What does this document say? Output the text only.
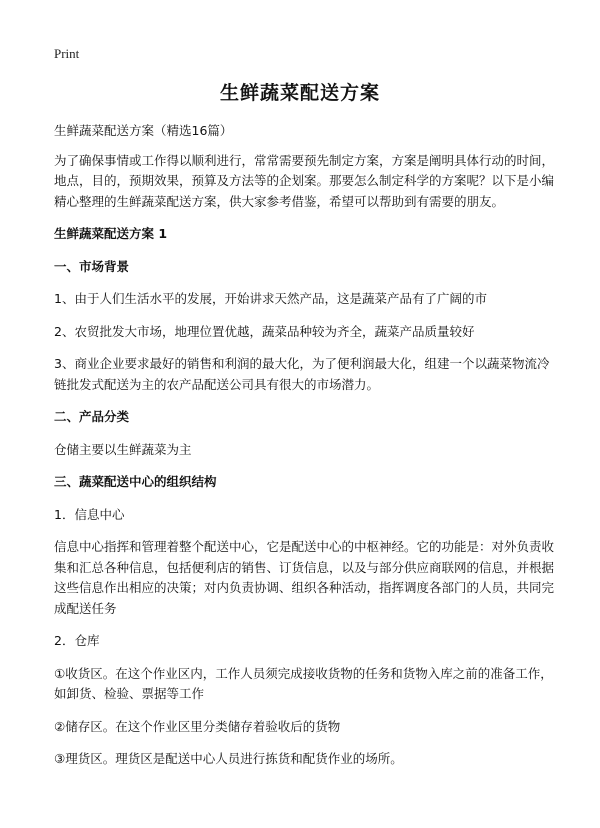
Print
生鲜蔬菜配送方案

生鲜蔬菜配送方案（精选16篇）

为了确保事情或工作得以顺利进行，常常需要预先制定方案，方案是阐明具体行动的时间，地点，目的，预期效果，预算及方法等的企划案。那要怎么制定科学的方案呢？以下是小编精心整理的生鲜蔬菜配送方案，供大家参考借鉴，希望可以帮助到有需要的朋友。

生鲜蔬菜配送方案 1

一、市场背景

1、由于人们生活水平的发展，开始讲求天然产品，这是蔬菜产品有了广阔的市

2、农贸批发大市场，地理位置优越，蔬菜品种较为齐全，蔬菜产品质量较好

3、商业企业要求最好的销售和利润的最大化，为了便利润最大化，组建一个以蔬菜物流冷链批发式配送为主的农产品配送公司具有很大的市场潜力。

二、产品分类

仓储主要以生鲜蔬菜为主

三、蔬菜配送中心的组织结构

1．信息中心

信息中心指挥和管理着整个配送中心，它是配送中心的中枢神经。它的功能是：对外负责收集和汇总各种信息，包括便利店的销售、订货信息，以及与部分供应商联网的信息，并根据这些信息作出相应的决策；对内负责协调、组织各种活动，指挥调度各部门的人员，共同完成配送任务

2．仓库

①收货区。在这个作业区内，工作人员须完成接收货物的任务和货物入库之前的准备工作，如卸货、检验、票据等工作

②储存区。在这个作业区里分类储存着验收后的货物

③理货区。理货区是配送中心人员进行拣货和配货作业的场所。
